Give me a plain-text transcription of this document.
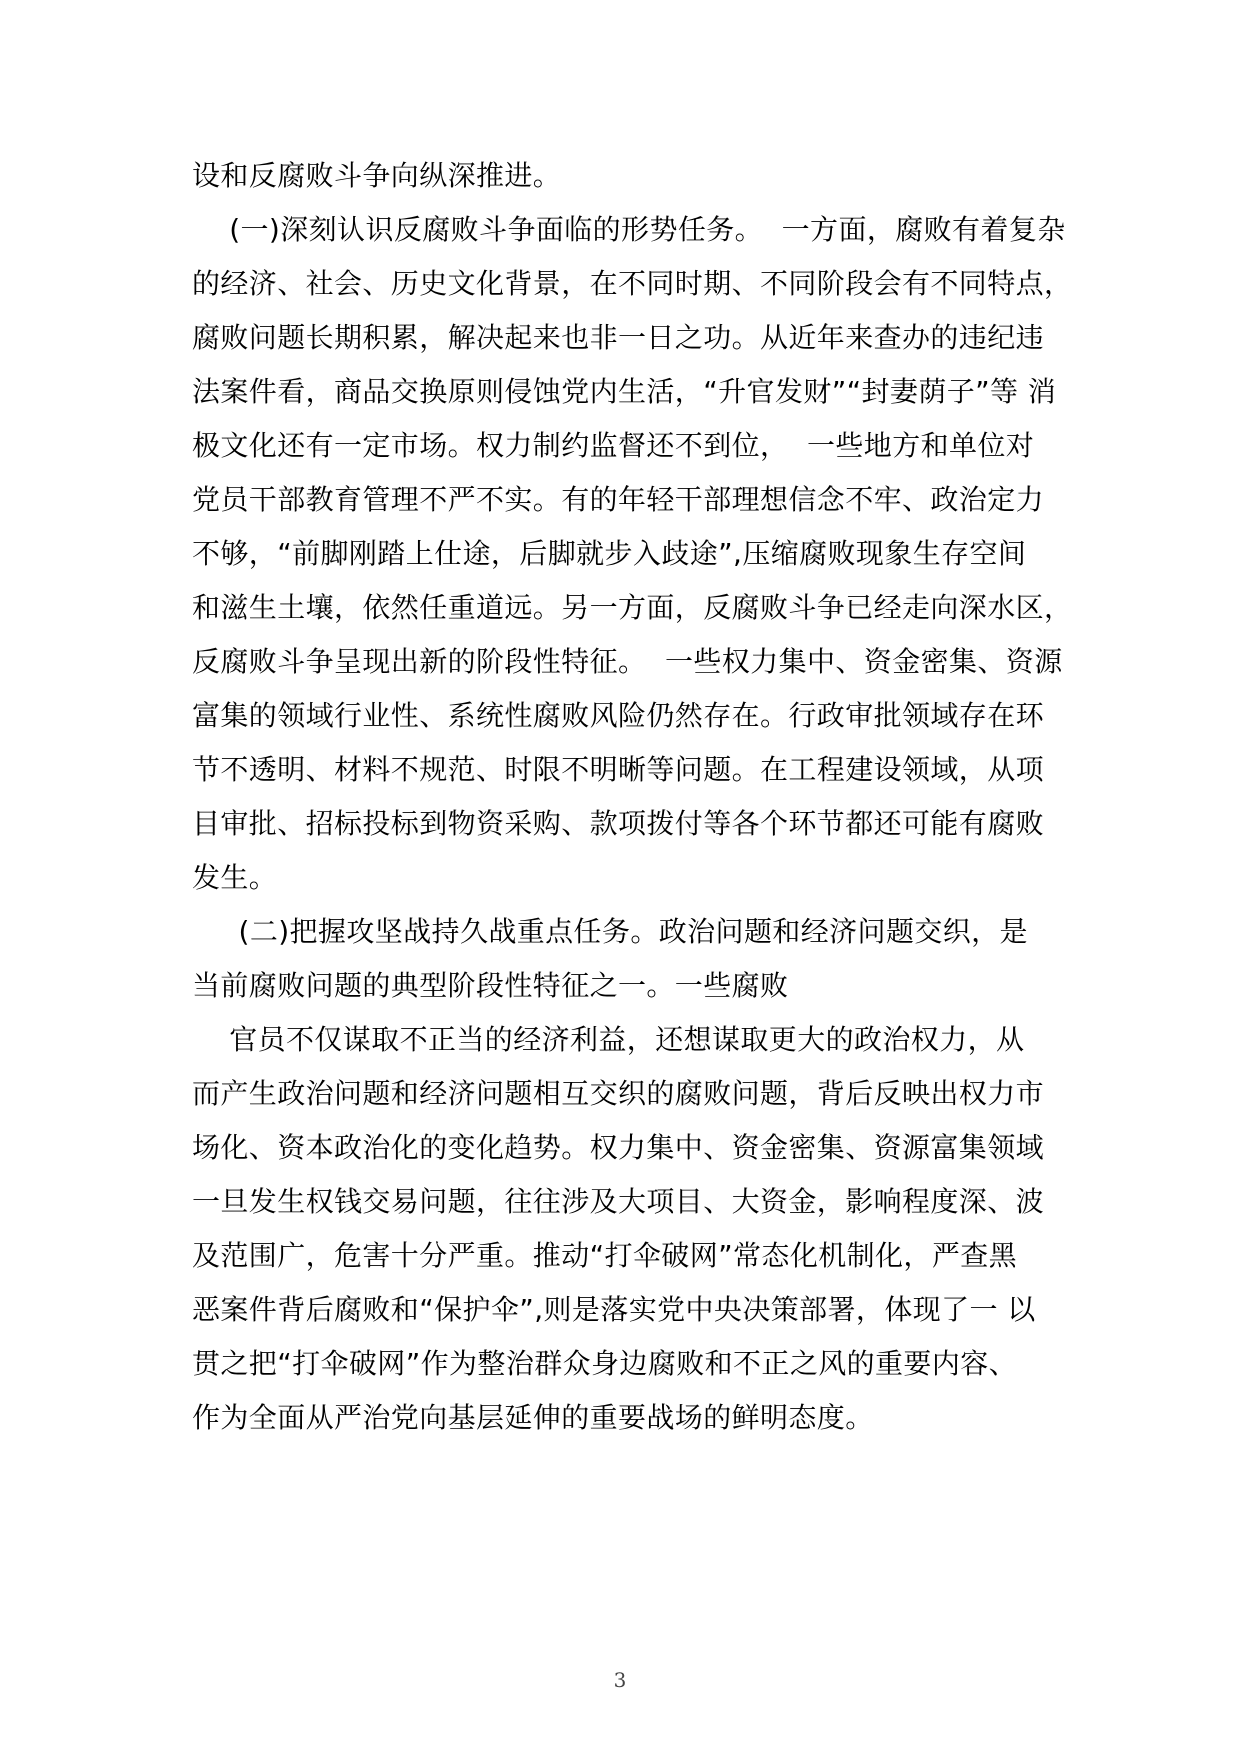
设和反腐败斗争向纵深推进。
(一)深刻认识反腐败斗争面临的形势任务。  一方面，腐败有着复杂
的经济、社会、历史文化背景，在不同时期、不同阶段会有不同特点，
腐败问题长期积累，解决起来也非一日之功。从近年来查办的违纪违
法案件看，商品交换原则侵蚀党内生活，“升官发财”“封妻荫子”等 消
极文化还有一定市场。权力制约监督还不到位，  一些地方和单位对
党员干部教育管理不严不实。有的年轻干部理想信念不牢、政治定力
不够，“前脚刚踏上仕途，后脚就步入歧途”,压缩腐败现象生存空间
和滋生土壤，依然任重道远。另一方面，反腐败斗争已经走向深水区，
反腐败斗争呈现出新的阶段性特征。  一些权力集中、资金密集、资源
富集的领域行业性、系统性腐败风险仍然存在。行政审批领域存在环
节不透明、材料不规范、时限不明晰等问题。在工程建设领域，从项
目审批、招标投标到物资采购、款项拨付等各个环节都还可能有腐败
发生。
(二)把握攻坚战持久战重点任务。政治问题和经济问题交织，是
当前腐败问题的典型阶段性特征之一。一些腐败
官员不仅谋取不正当的经济利益，还想谋取更大的政治权力，从
而产生政治问题和经济问题相互交织的腐败问题，背后反映出权力市
场化、资本政治化的变化趋势。权力集中、资金密集、资源富集领域
一旦发生权钱交易问题，往往涉及大项目、大资金，影响程度深、波
及范围广，危害十分严重。推动“打伞破网”常态化机制化，严查黑
恶案件背后腐败和“保护伞”,则是落实党中央决策部署，体现了一 以
贯之把“打伞破网”作为整治群众身边腐败和不正之风的重要内容、
作为全面从严治党向基层延伸的重要战场的鲜明态度。
3
